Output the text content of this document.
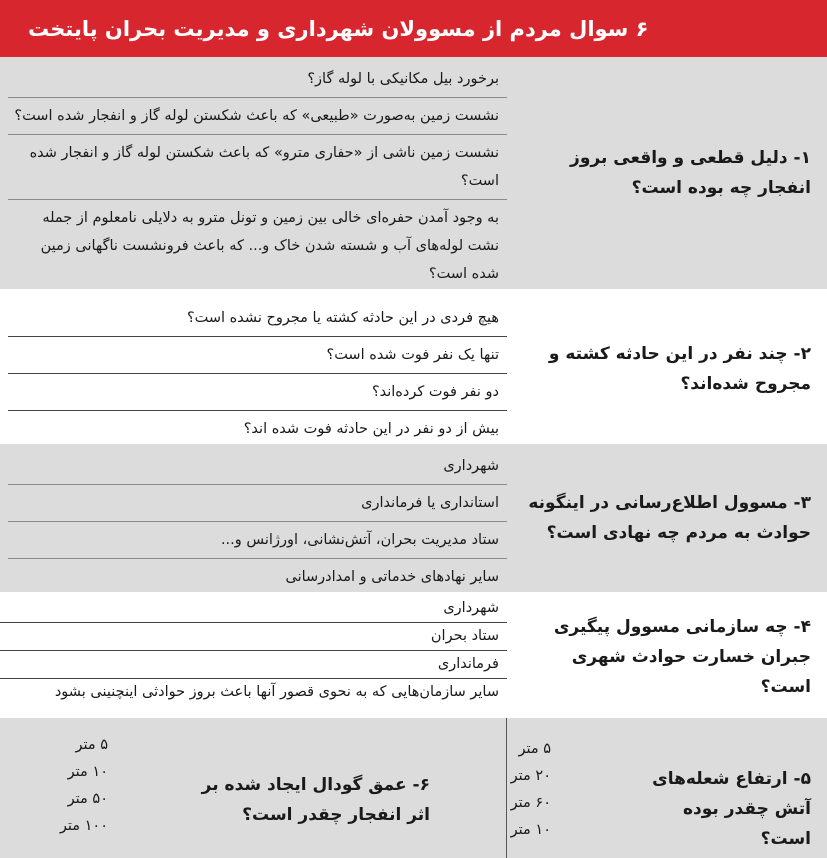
۶ سوال مردم از مسوولان شهرداری و مدیریت بحران پایتخت
۱- دلیل قطعی و واقعی بروز انفجار چه بوده است؟
برخورد بیل مکانیکی با لوله گاز؟
نشست زمین به‌صورت «طبیعی» که باعث شکستن لوله گاز و انفجار شده است؟
نشست زمین ناشی از «حفاری مترو» که باعث شکستن لوله گاز و انفجار شده است؟
به وجود آمدن حفره‌ای خالی بین زمین و تونل مترو به دلایلی نامعلوم از جمله نشت لوله‌های آب و شسته شدن خاک و... که باعث فرونشست ناگهانی زمین شده است؟
۲- چند نفر در این حادثه کشته و مجروح شده‌اند؟
هیچ فردی در این حادثه کشته یا مجروح نشده است؟
تنها یک نفر فوت شده است؟
دو نفر فوت کرده‌اند؟
بیش از دو نفر در این حادثه فوت شده اند؟
۳- مسوول اطلاع‌رسانی در اینگونه حوادث به مردم چه نهادی است؟
شهرداری
استانداری یا فرمانداری
ستاد مدیریت بحران، آتش‌نشانی، اورژانس و...
سایر نهادهای خدماتی و امدادرسانی
۴- چه سازمانی مسوول پیگیری جبران خسارت حوادث شهری است؟
شهرداری
ستاد بحران
فرمانداری
سایر سازمان‌هایی که به نحوی قصور آنها باعث بروز حوادثی اینچنینی بشود
۵- ارتفاع شعله‌های آتش چقدر بوده است؟
۵ متر
۲۰ متر
۶۰ متر
۱۰ متر
۶- عمق گودال ایجاد شده بر اثر انفجار چقدر است؟
۵ متر
۱۰ متر
۵۰ متر
۱۰۰ متر
